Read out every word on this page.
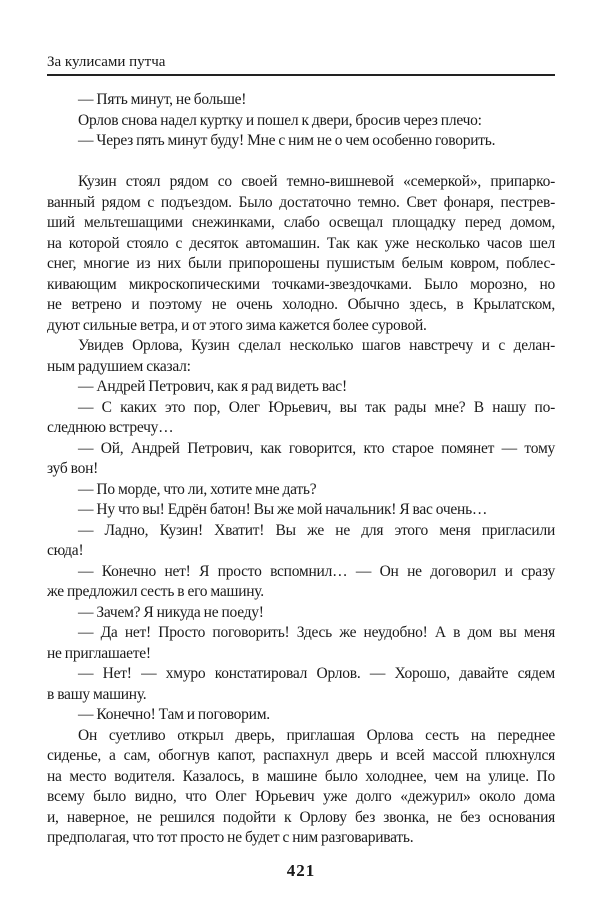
За кулисами путча
— Пять минут, не больше!
Орлов снова надел куртку и пошел к двери, бросив через плечо:
— Через пять минут буду! Мне с ним не о чем особенно говорить.
Кузин стоял рядом со своей темно-вишневой «семеркой», припарко-
ванный рядом с подъездом. Было достаточно темно. Свет фонаря, пестрев-
ший мельтешащими снежинками, слабо освещал площадку перед домом,
на которой стояло с десяток автомашин. Так как уже несколько часов шел
снег, многие из них были припорошены пушистым белым ковром, поблес-
кивающим микроскопическими точками-звездочками. Было морозно, но
не ветрено и поэтому не очень холодно. Обычно здесь, в Крылатском,
дуют сильные ветра, и от этого зима кажется более суровой.
Увидев Орлова, Кузин сделал несколько шагов навстречу и с делан-
ным радушием сказал:
— Андрей Петрович, как я рад видеть вас!
— С каких это пор, Олег Юрьевич, вы так рады мне? В нашу по-
следнюю встречу…
— Ой, Андрей Петрович, как говорится, кто старое помянет — тому
зуб вон!
— По морде, что ли, хотите мне дать?
— Ну что вы! Едрён батон! Вы же мой начальник! Я вас очень…
— Ладно, Кузин! Хватит! Вы же не для этого меня пригласили
сюда!
— Конечно нет! Я просто вспомнил… — Он не договорил и сразу
же предложил сесть в его машину.
— Зачем? Я никуда не поеду!
— Да нет! Просто поговорить! Здесь же неудобно! А в дом вы меня
не приглашаете!
— Нет! — хмуро констатировал Орлов. — Хорошо, давайте сядем
в вашу машину.
— Конечно! Там и поговорим.
Он суетливо открыл дверь, приглашая Орлова сесть на переднее
сиденье, а сам, обогнув капот, распахнул дверь и всей массой плюхнулся
на место водителя. Казалось, в машине было холоднее, чем на улице. По
всему было видно, что Олег Юрьевич уже долго «дежурил» около дома
и, наверное, не решился подойти к Орлову без звонка, не без основания
предполагая, что тот просто не будет с ним разговаривать.
421
